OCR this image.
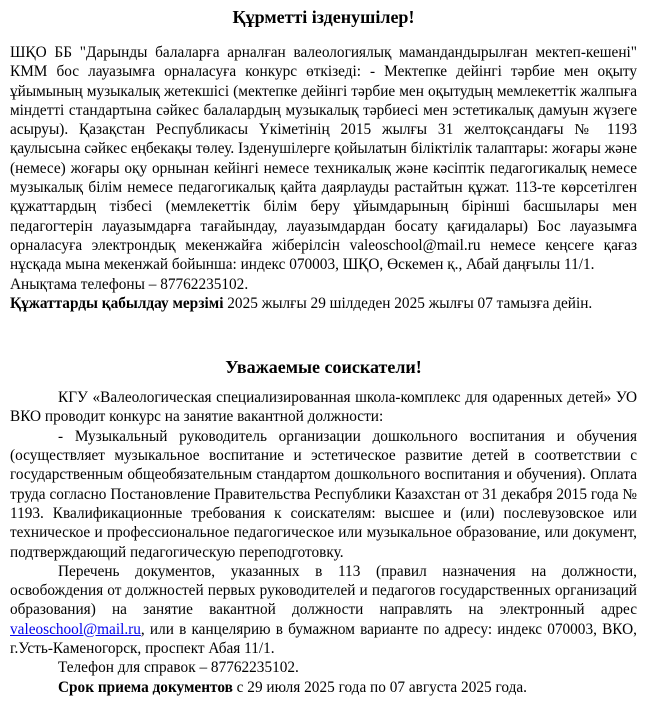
Құрметті ізденушілер!

ШҚО ББ "Дарынды балаларға арналған валеологиялық мамандандырылған мектеп-кешені" КММ бос лауазымға орналасуға конкурс өткізеді: - Мектепке дейінгі тәрбие мен оқыту ұйымының музыкалық жетекшісі (мектепке дейінгі тәрбие мен оқытудың мемлекеттік жалпыға міндетті стандартына сәйкес балалардың музыкалық тәрбиесі мен эстетикалық дамуын жүзеге асыруы). Қазақстан Республикасы Үкіметінің 2015 жылғы 31 желтоқсандағы № 1193 қаулысына сәйкес еңбекақы төлеу. Ізденушілерге қойылатын біліктілік талаптары: жоғары және (немесе) жоғары оқу орнынан кейінгі немесе техникалық және кәсіптік педагогикалық немесе музыкалық білім немесе педагогикалық қайта даярлауды растайтын құжат. 113-те көрсетілген құжаттардың тізбесі (мемлекеттік білім беру ұйымдарының бірінші басшылары мен педагогтерін лауазымдарға тағайындау, лауазымдардан босату қағидалары) Бос лауазымға орналасуға электрондық мекенжайға жіберілсін valeoschool@mail.ru немесе кеңсеге қағаз нұсқада мына мекенжай бойынша: индекс 070003, ШҚО, Өскемен қ., Абай даңғылы 11/1.

Анықтама телефоны – 87762235102.

Құжаттарды қабылдау мерзімі 2025 жылғы 29 шілдеден 2025 жылғы 07 тамызға дейін.

Уважаемые соискатели!

КГУ «Валеологическая специализированная школа-комплекс для одаренных детей» УО ВКО проводит конкурс на занятие вакантной должности:

- Музыкальный руководитель организации дошкольного воспитания и обучения (осуществляет музыкальное воспитание и эстетическое развитие детей в соответствии с государственным общеобязательным стандартом дошкольного воспитания и обучения). Оплата труда согласно Постановление Правительства Республики Казахстан от 31 декабря 2015 года № 1193. Квалификационные требования к соискателям: высшее и (или) послевузовское или техническое и профессиональное педагогическое или музыкальное образование, или документ, подтверждающий педагогическую переподготовку.

Перечень документов, указанных в 113 (правил назначения на должности, освобождения от должностей первых руководителей и педагогов государственных организаций образования) на занятие вакантной должности направлять на электронный адрес valeoschool@mail.ru, или в канцелярию в бумажном варианте по адресу: индекс 070003, ВКО, г.Усть-Каменогорск, проспект Абая 11/1.

Телефон для справок – 87762235102.

Срок приема документов с 29 июля 2025 года по 07 августа 2025 года.
